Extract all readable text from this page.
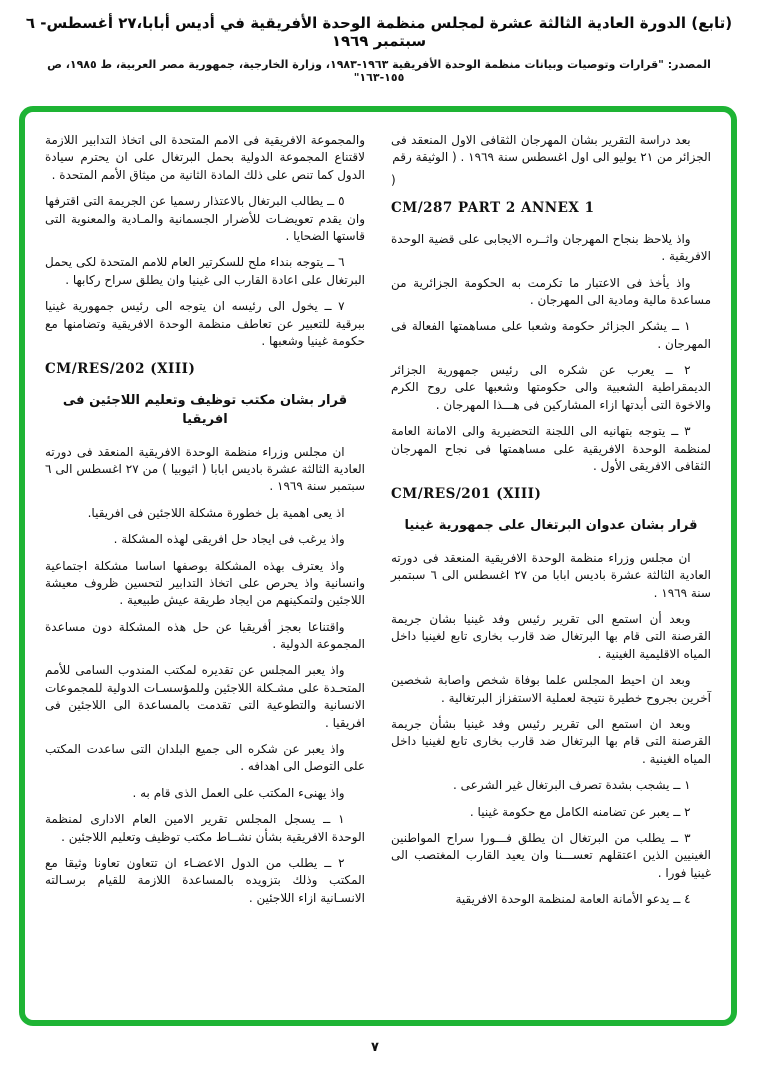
(تابع) الدورة العادية الثالثة عشرة لمجلس منظمة الوحدة الأفريقية في أديس أبابا،٢٧ أغسطس- ٦ سبتمبر ١٩٦٩
المصدر: "قرارات وتوصيات وبيانات منظمة الوحدة الأفريقية ١٩٦٣-١٩٨٣، وزارة الخارجية، جمهورية مصر العربية، ط ١٩٨٥، ص ١٥٥-١٦٣"
بعد دراسة التقرير بشان المهرجان الثقافى الاول المنعقد فى الجزائر من ٢١ يوليو الى اول اغسطس سنة ١٩٦٩ . ( الوثيقة رقم
(
CM/287 PART 2 ANNEX 1
واذ يلاحظ بنجاح المهرجان واثــره الايجابى على قضية الوحدة الافريقية .
واذ يأخذ فى الاعتبار ما تكرمت به الحكومة الجزائرية من مساعدة مالية ومادية الى المهرجان .
١ ــ يشكر الجزائر حكومة وشعبا على مساهمتها الفعالة فى المهرجان .
٢ ــ يعرب عن شكره الى رئيس جمهورية الجزائر الديمقراطية الشعبية والى حكومتها وشعبها على روح الكرم والاخوة التى أبدتها ازاء المشاركين فى هـــذا المهرجان .
٣ ــ يتوجه بتهانيه الى اللجنة التحضيرية والى الامانة العامة لمنظمة الوحدة الافريقية على مساهمتها فى نجاح المهرجان الثقافى الافريقى الأول .
CM/RES/201 (XIII)
قرار بشان عدوان البرتغال على جمهورية غينيا
ان مجلس وزراء منظمة الوحدة الافريقية المنعقد فى دورته العادية الثالثة عشرة باديس ابابا من ٢٧ اغسطس الى ٦ سبتمبر سنة ١٩٦٩ .
وبعد أن استمع الى تقرير رئيس وفد غينيا بشان جريمة القرصنة التى قام بها البرتغال ضد قارب بخارى تابع لغينيا داخل المياه الاقليمية الغينية .
وبعد ان احيط المجلس علما بوفاة شخص واصابة شخصين آخرين بجروح خطيرة نتيجة لعملية الاستفزاز البرتغالية .
وبعد ان استمع الى تقرير رئيس وفد غينيا بشأن جريمة القرصنة التى قام بها البرتغال ضد قارب بخارى تابع لغينيا داخل المياه الغينية .
١ ــ يشجب بشدة تصرف البرتغال غير الشرعى .
٢ ــ يعبر عن تضامنه الكامل مع حكومة غينيا .
٣ ــ يطلب من البرتغال ان يطلق فـــورا سراح المواطنين الغينيين الذين اعتقلهم تعســـنا وان يعيد القارب المغتصب الى غينيا فورا .
٤ ــ يدعو الأمانة العامة لمنظمة الوحدة الافريقية
والمجموعة الافريقية فى الامم المتحدة الى اتخاذ التدابير اللازمة لاقتناع المجموعة الدولية بحمل البرتغال على ان يحترم سيادة الدول كما تنص على ذلك المادة الثانية من ميثاق الأمم المتحدة .
٥ ــ يطالب البرتغال بالاعتذار رسميا عن الجريمة التى اقترفها وان يقدم تعويضـات للأضرار الجسمانية والمـادية والمعنوية التى قاستها الضحايا .
٦ ــ يتوجه بنداء ملح للسكرتير العام للامم المتحدة لكى يحمل البرتغال على اعادة القارب الى غينيا وان يطلق سراح ركابها .
٧ ــ يخول الى رئيسه ان يتوجه الى رئيس جمهورية غينيا ببرقية للتعبير عن تعاطف منظمة الوحدة الافريقية وتضامنها مع حكومة غينيا وشعبها .
CM/RES/202 (XIII)
قرار بشان مكتب توظيف وتعليم اللاجئين فى افريقيا
ان مجلس وزراء منظمة الوحدة الافريقية المنعقد فى دورته العادية الثالثة عشرة باديس ابابا ( اثيوبيا ) من ٢٧ اغسطس الى ٦ سبتمبر سنة ١٩٦٩ .
اذ يعى اهمية بل خطورة مشكلة اللاجئين فى افريقيا.
واذ يرغب فى ايجاد حل افريقى لهذه المشكلة .
واذ يعترف بهذه المشكلة بوصفها اساسا مشكلة اجتماعية وانسانية واذ يحرص على اتخاذ التدابير لتحسين ظروف معيشة اللاجئين ولتمكينهم من ايجاد طريقة عيش طبيعية .
واقتناعا بعجز أفريقيا عن حل هذه المشكلة دون مساعدة المجموعة الدولية .
واذ يعبر المجلس عن تقديره لمكتب المندوب السامى للأمم المتحـدة على مشـكلة اللاجئين وللمؤسسـات الدولية للمجموعات الانسانية والتطوعية التى تقدمت بالمساعدة الى اللاجئين فى افريقيا .
واذ يعبر عن شكره الى جميع البلدان التى ساعدت المكتب على التوصل الى اهدافه .
واذ يهنىء المكتب على العمل الذى قام به .
١ ــ يسجل المجلس تقرير الامين العام الادارى لمنظمة الوحدة الافريقية بشأن نشــاط مكتب توظيف وتعليم اللاجئين .
٢ ــ يطلب من الدول الاعضـاء ان تتعاون تعاونا وثيقا مع المكتب وذلك بتزويده بالمساعدة اللازمة للقيام برسـالته الانسـانية ازاء اللاجئين .
٧
